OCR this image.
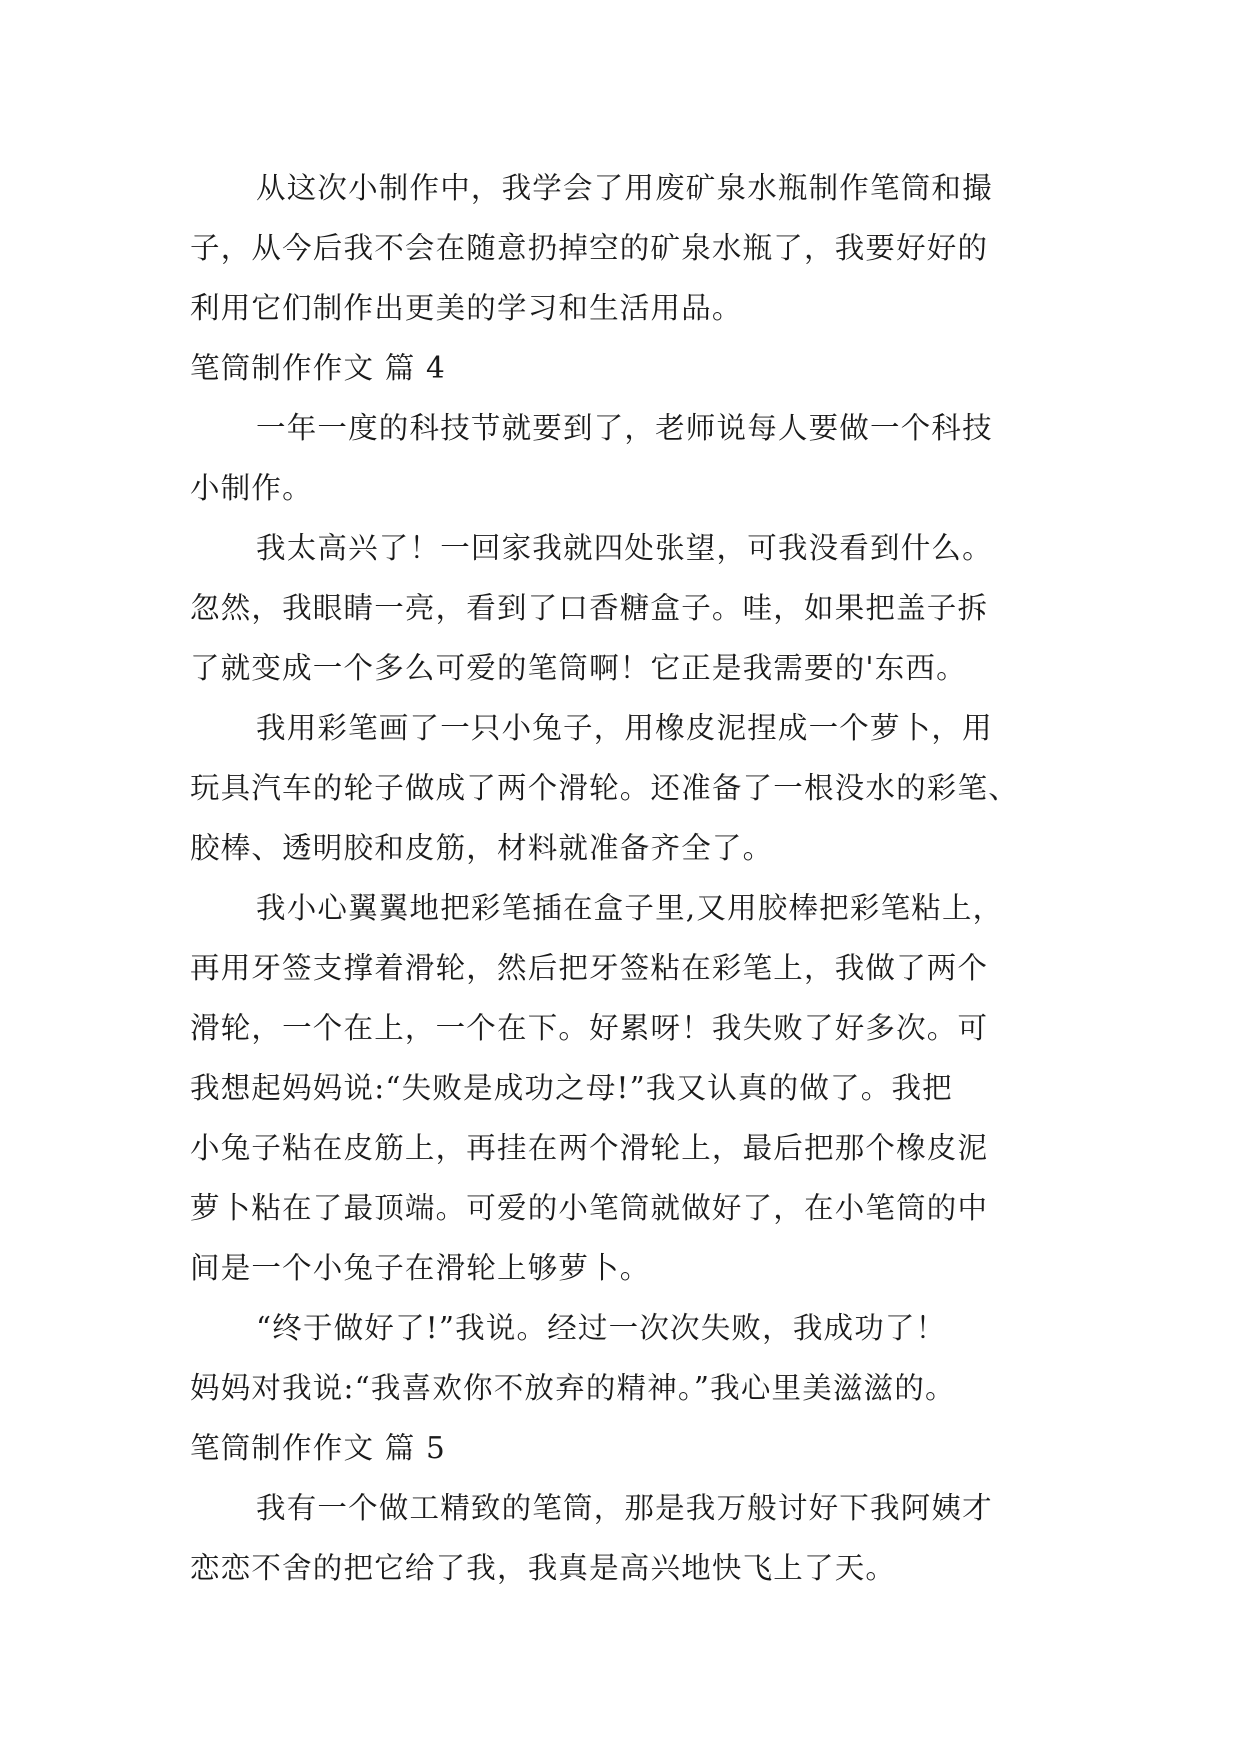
从这次小制作中，我学会了用废矿泉水瓶制作笔筒和撮
子，从今后我不会在随意扔掉空的矿泉水瓶了，我要好好的
利用它们制作出更美的学习和生活用品。
笔筒制作作文 篇 4
一年一度的科技节就要到了，老师说每人要做一个科技
小制作。
我太高兴了！一回家我就四处张望，可我没看到什么。
忽然，我眼睛一亮，看到了口香糖盒子。哇，如果把盖子拆
了就变成一个多么可爱的笔筒啊！它正是我需要的'东西。
我用彩笔画了一只小兔子，用橡皮泥捏成一个萝卜，用
玩具汽车的轮子做成了两个滑轮。还准备了一根没水的彩笔、
胶棒、透明胶和皮筋，材料就准备齐全了。
我小心翼翼地把彩笔插在盒子里,又用胶棒把彩笔粘上，
再用牙签支撑着滑轮，然后把牙签粘在彩笔上，我做了两个
滑轮，一个在上，一个在下。好累呀！我失败了好多次。可
我想起妈妈说:“失败是成功之母!”我又认真的做了。我把
小兔子粘在皮筋上，再挂在两个滑轮上，最后把那个橡皮泥
萝卜粘在了最顶端。可爱的小笔筒就做好了，在小笔筒的中
间是一个小兔子在滑轮上够萝卜。
“终于做好了!”我说。经过一次次失败，我成功了！
妈妈对我说:“我喜欢你不放弃的精神。”我心里美滋滋的。
笔筒制作作文 篇 5
我有一个做工精致的笔筒，那是我万般讨好下我阿姨才
恋恋不舍的把它给了我，我真是高兴地快飞上了天。
